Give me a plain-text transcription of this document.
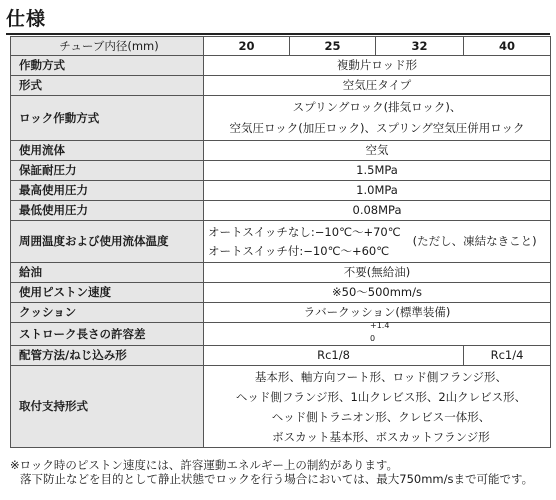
仕様
チューブ内径(mm)	20	25	32	40
作動方式	複動片ロッド形			
形式	空気圧タイプ			
ロック作動方式	スプリングロック(排気ロック)、
空気圧ロック(加圧ロック)、スプリング空気圧併用ロック			

使用流体	空気			
保証耐圧力	1.5MPa			
最高使用圧力	1.0MPa			
最低使用圧力	0.08MPa			
周囲温度および使用流体温度	オートスイッチなし:−10℃〜+70℃
オートスイッチ付:−10℃〜+60℃
(ただし、凍結なきこと)			

給油	不要(無給油)			
使用ピストン速度	※50〜500mm/s			
クッション	ラバークッション(標準装備)			
ストローク長さの許容差	+1.4
0			

配管方法/ねじ込み形	Rc1/8			Rc1/4
取付支持形式	基本形、軸方向フート形、ロッド側フランジ形、
ヘッド側フランジ形、1山クレビス形、2山クレビス形、
ヘッド側トラニオン形、クレビス一体形、
ボスカット基本形、ボスカットフランジ形			
※ロック時のピストン速度には、許容運動エネルギー上の制約があります。
落下防止などを目的として静止状態でロックを行う場合においては、最大750mm/sまで可能です。
